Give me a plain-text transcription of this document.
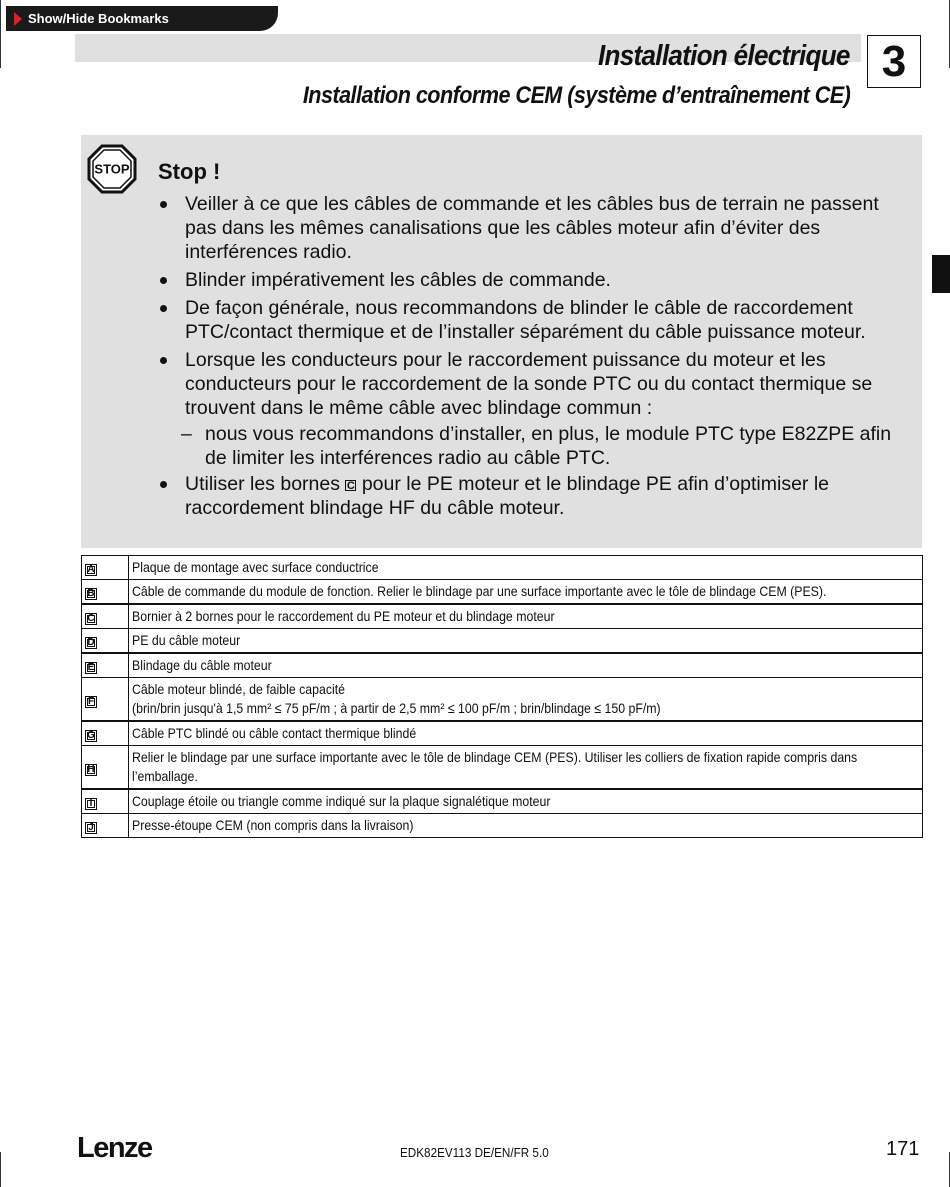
Show/Hide Bookmarks
Installation électrique
Installation conforme CEM (système d’entraînement CE)
3
STOP Stop !
Veiller à ce que les câbles de commande et les câbles bus de terrain ne passent pas dans les mêmes canalisations que les câbles moteur afin d’éviter des interférences radio.
Blinder impérativement les câbles de commande.
De façon générale, nous recommandons de blinder le câble de raccordement PTC/contact thermique et de l’installer séparément du câble puissance moteur.
Lorsque les conducteurs pour le raccordement puissance du moteur et les conducteurs pour le raccordement de la sonde PTC ou du contact thermique se trouvent dans le même câble avec blindage commun :
– nous vous recommandons d’installer, en plus, le module PTC type E82ZPE afin de limiter les interférences radio au câble PTC.
Utiliser les bornes C pour le PE moteur et le blindage PE afin d’optimiser le raccordement blindage HF du câble moteur.
A	Plaque de montage avec surface conductrice
B	Câble de commande du module de fonction. Relier le blindage par une surface importante avec le tôle de blindage CEM (PES).
C	Bornier à 2 bornes pour le raccordement du PE moteur et du blindage moteur
D	PE du câble moteur
E	Blindage du câble moteur
F	Câble moteur blindé, de faible capacité
(brin/brin jusqu'à 1,5 mm² ≤ 75 pF/m ; à partir de 2,5 mm² ≤ 100 pF/m ; brin/blindage ≤ 150 pF/m)
G	Câble PTC blindé ou câble contact thermique blindé
H	Relier le blindage par une surface importante avec le tôle de blindage CEM (PES). Utiliser les colliers de fixation rapide compris dans l’emballage.
I	Couplage étoile ou triangle comme indiqué sur la plaque signalétique moteur
J	Presse-étoupe CEM (non compris dans la livraison)
Lenze	EDK82EV113 DE/EN/FR 5.0	171
